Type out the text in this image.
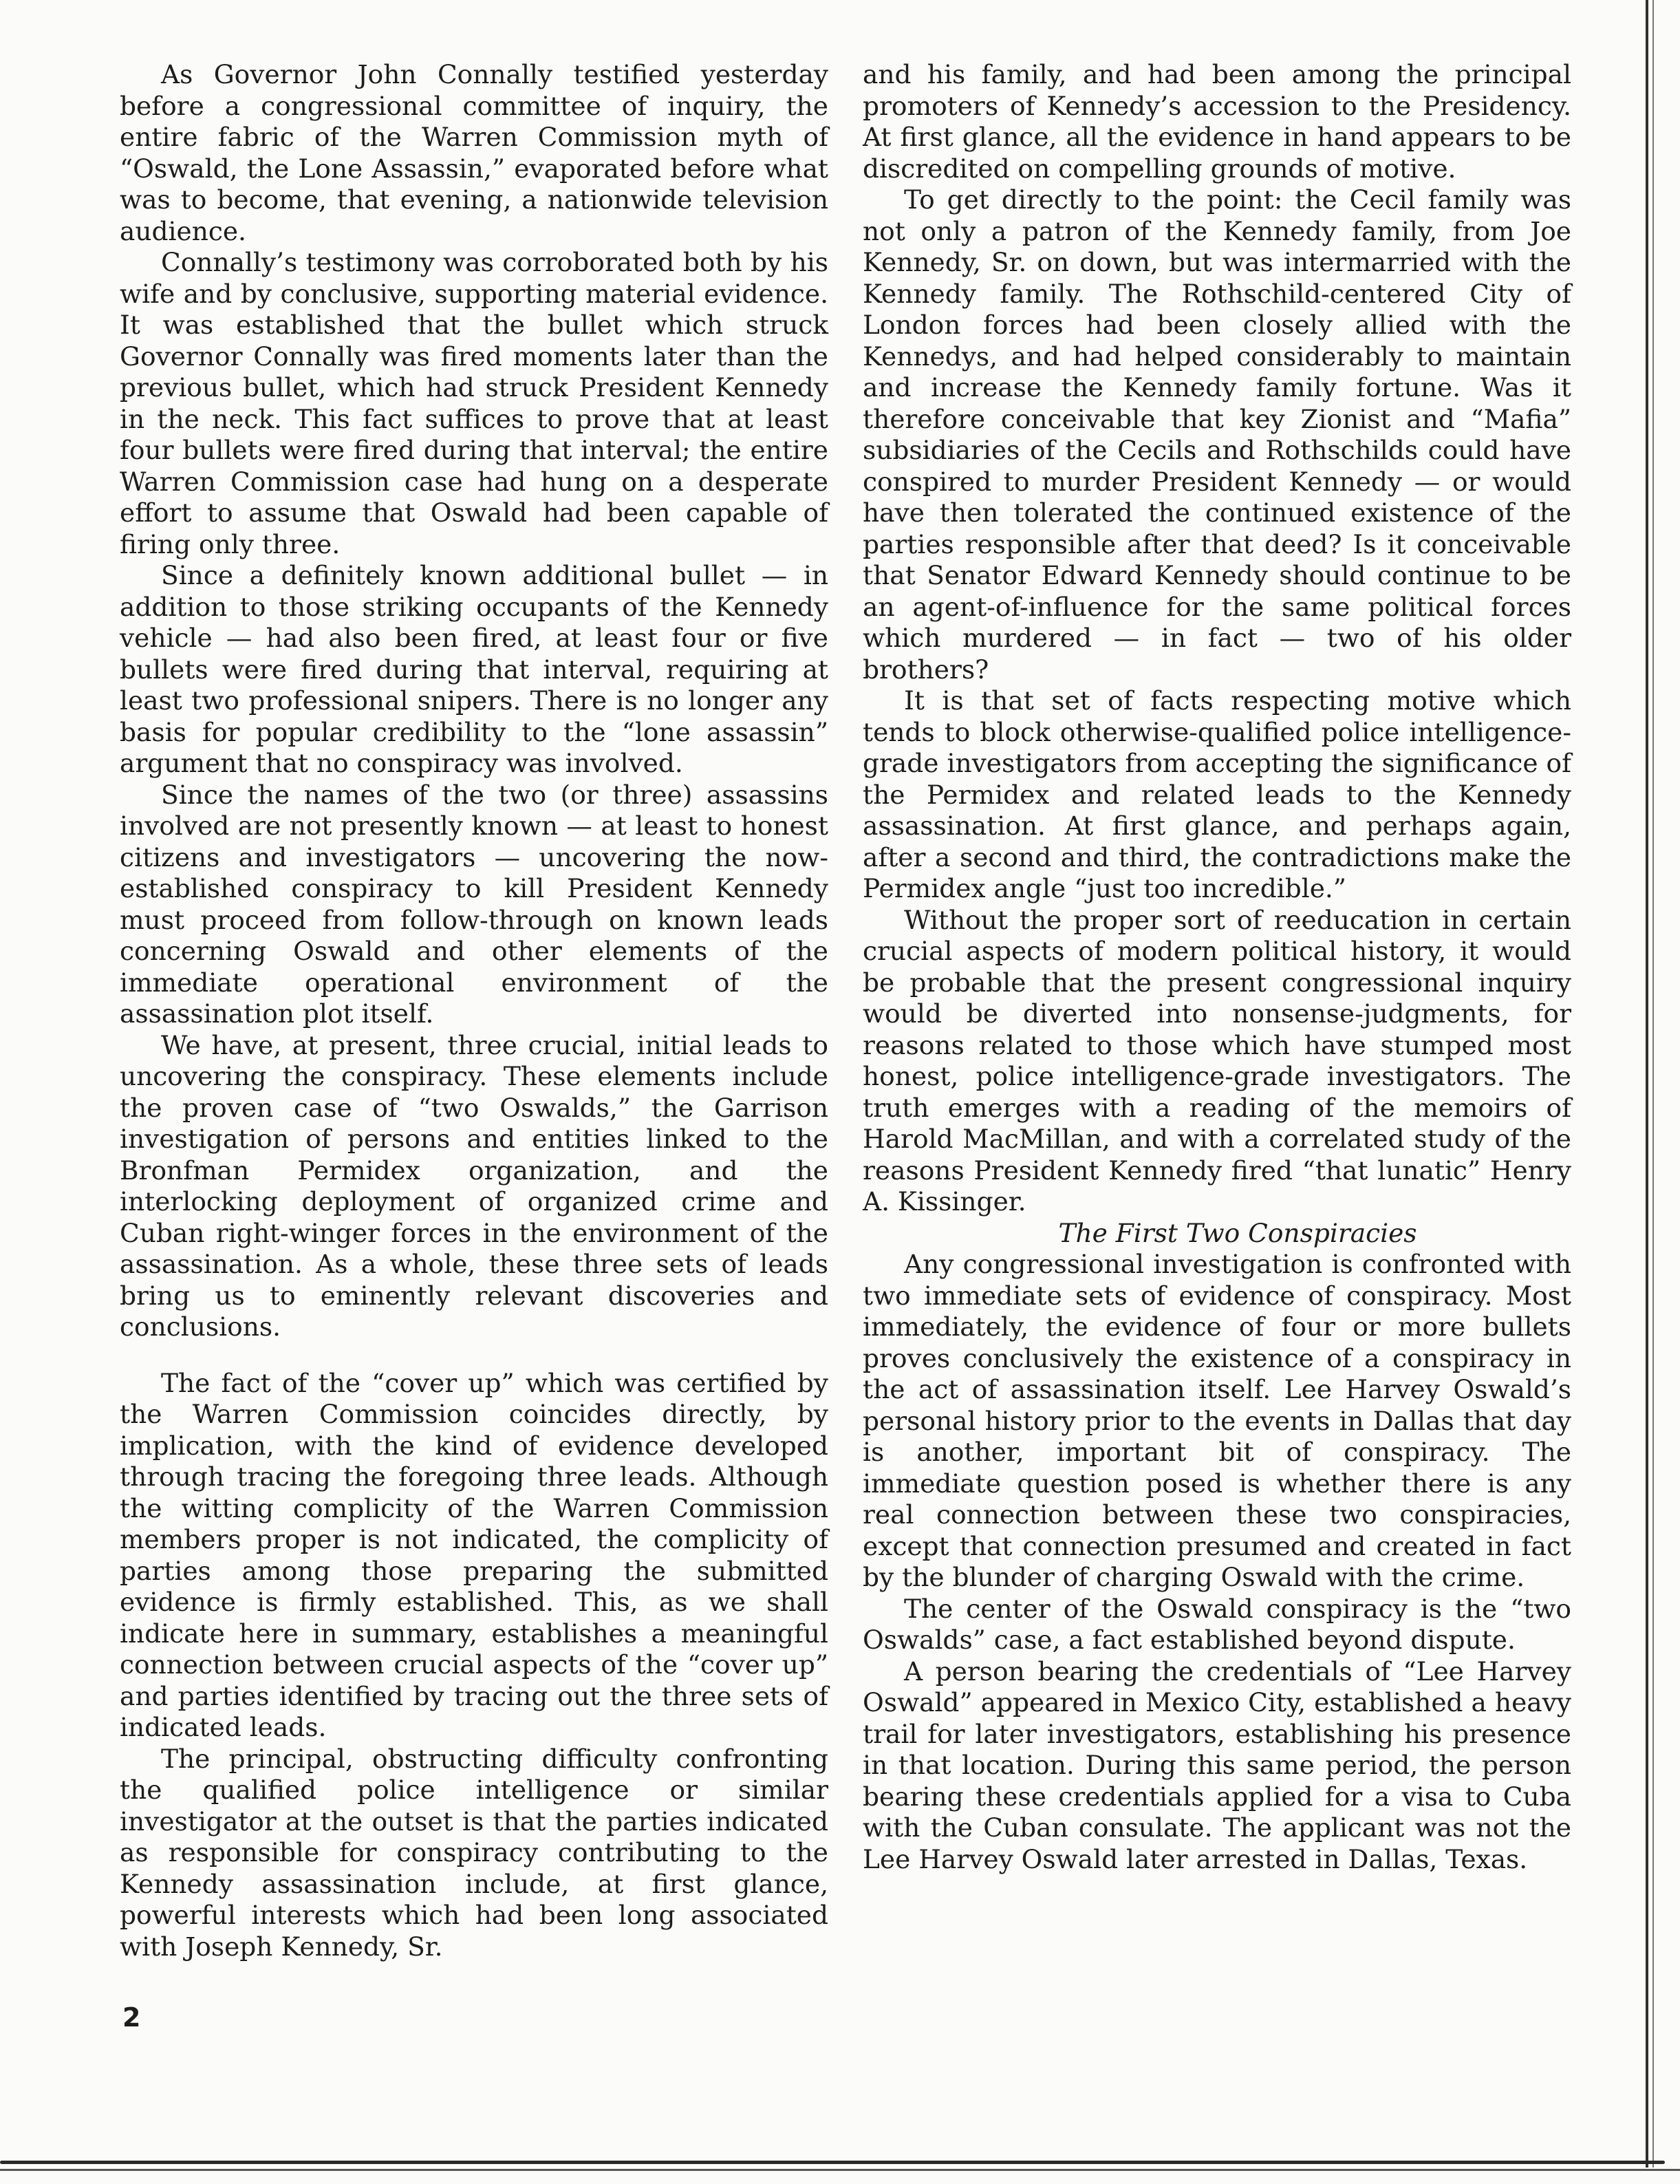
As Governor John Connally testified yesterday before a congressional committee of inquiry, the entire fabric of the Warren Commission myth of “Oswald, the Lone Assassin,” evaporated before what was to become, that evening, a nationwide television audience.

Connally’s testimony was corroborated both by his wife and by conclusive, supporting material evidence. It was established that the bullet which struck Governor Connally was fired moments later than the previous bullet, which had struck President Kennedy in the neck. This fact suffices to prove that at least four bullets were fired during that interval; the entire Warren Commission case had hung on a desperate effort to assume that Oswald had been capable of firing only three.

Since a definitely known additional bullet — in addition to those striking occupants of the Kennedy vehicle — had also been fired, at least four or five bullets were fired during that interval, requiring at least two professional snipers. There is no longer any basis for popular credibility to the “lone assassin” argument that no conspiracy was involved.

Since the names of the two (or three) assassins involved are not presently known — at least to honest citizens and investigators — uncovering the now-established conspiracy to kill President Kennedy must proceed from follow-through on known leads concerning Oswald and other elements of the immediate operational environment of the assassination plot itself.

We have, at present, three crucial, initial leads to uncovering the conspiracy. These elements include the proven case of “two Oswalds,” the Garrison investigation of persons and entities linked to the Bronfman Permidex organization, and the interlocking deployment of organized crime and Cuban right-winger forces in the environment of the assassination. As a whole, these three sets of leads bring us to eminently relevant discoveries and conclusions.

The fact of the “cover up” which was certified by the Warren Commission coincides directly, by implication, with the kind of evidence developed through tracing the foregoing three leads. Although the witting complicity of the Warren Commission members proper is not indicated, the complicity of parties among those preparing the submitted evidence is firmly established. This, as we shall indicate here in summary, establishes a meaningful connection between crucial aspects of the “cover up” and parties identified by tracing out the three sets of indicated leads.

The principal, obstructing difficulty confronting the qualified police intelligence or similar investigator at the outset is that the parties indicated as responsible for conspiracy contributing to the Kennedy assassination include, at first glance, powerful interests which had been long associated with Joseph Kennedy, Sr.

and his family, and had been among the principal promoters of Kennedy’s accession to the Presidency. At first glance, all the evidence in hand appears to be discredited on compelling grounds of motive.

To get directly to the point: the Cecil family was not only a patron of the Kennedy family, from Joe Kennedy, Sr. on down, but was intermarried with the Kennedy family. The Rothschild-centered City of London forces had been closely allied with the Kennedys, and had helped considerably to maintain and increase the Kennedy family fortune. Was it therefore conceivable that key Zionist and “Mafia” subsidiaries of the Cecils and Rothschilds could have conspired to murder President Kennedy — or would have then tolerated the continued existence of the parties responsible after that deed? Is it conceivable that Senator Edward Kennedy should continue to be an agent-of-influence for the same political forces which murdered — in fact — two of his older brothers?

It is that set of facts respecting motive which tends to block otherwise-qualified police intelligence-grade investigators from accepting the significance of the Permidex and related leads to the Kennedy assassination. At first glance, and perhaps again, after a second and third, the contradictions make the Permidex angle “just too incredible.”

Without the proper sort of reeducation in certain crucial aspects of modern political history, it would be probable that the present congressional inquiry would be diverted into nonsense-judgments, for reasons related to those which have stumped most honest, police intelligence-grade investigators. The truth emerges with a reading of the memoirs of Harold MacMillan, and with a correlated study of the reasons President Kennedy fired “that lunatic” Henry A. Kissinger.

The First Two Conspiracies

Any congressional investigation is confronted with two immediate sets of evidence of conspiracy. Most immediately, the evidence of four or more bullets proves conclusively the existence of a conspiracy in the act of assassination itself. Lee Harvey Oswald’s personal history prior to the events in Dallas that day is another, important bit of conspiracy. The immediate question posed is whether there is any real connection between these two conspiracies, except that connection presumed and created in fact by the blunder of charging Oswald with the crime.

The center of the Oswald conspiracy is the “two Oswalds” case, a fact established beyond dispute.

A person bearing the credentials of “Lee Harvey Oswald” appeared in Mexico City, established a heavy trail for later investigators, establishing his presence in that location. During this same period, the person bearing these credentials applied for a visa to Cuba with the Cuban consulate. The applicant was not the Lee Harvey Oswald later arrested in Dallas, Texas.

2
